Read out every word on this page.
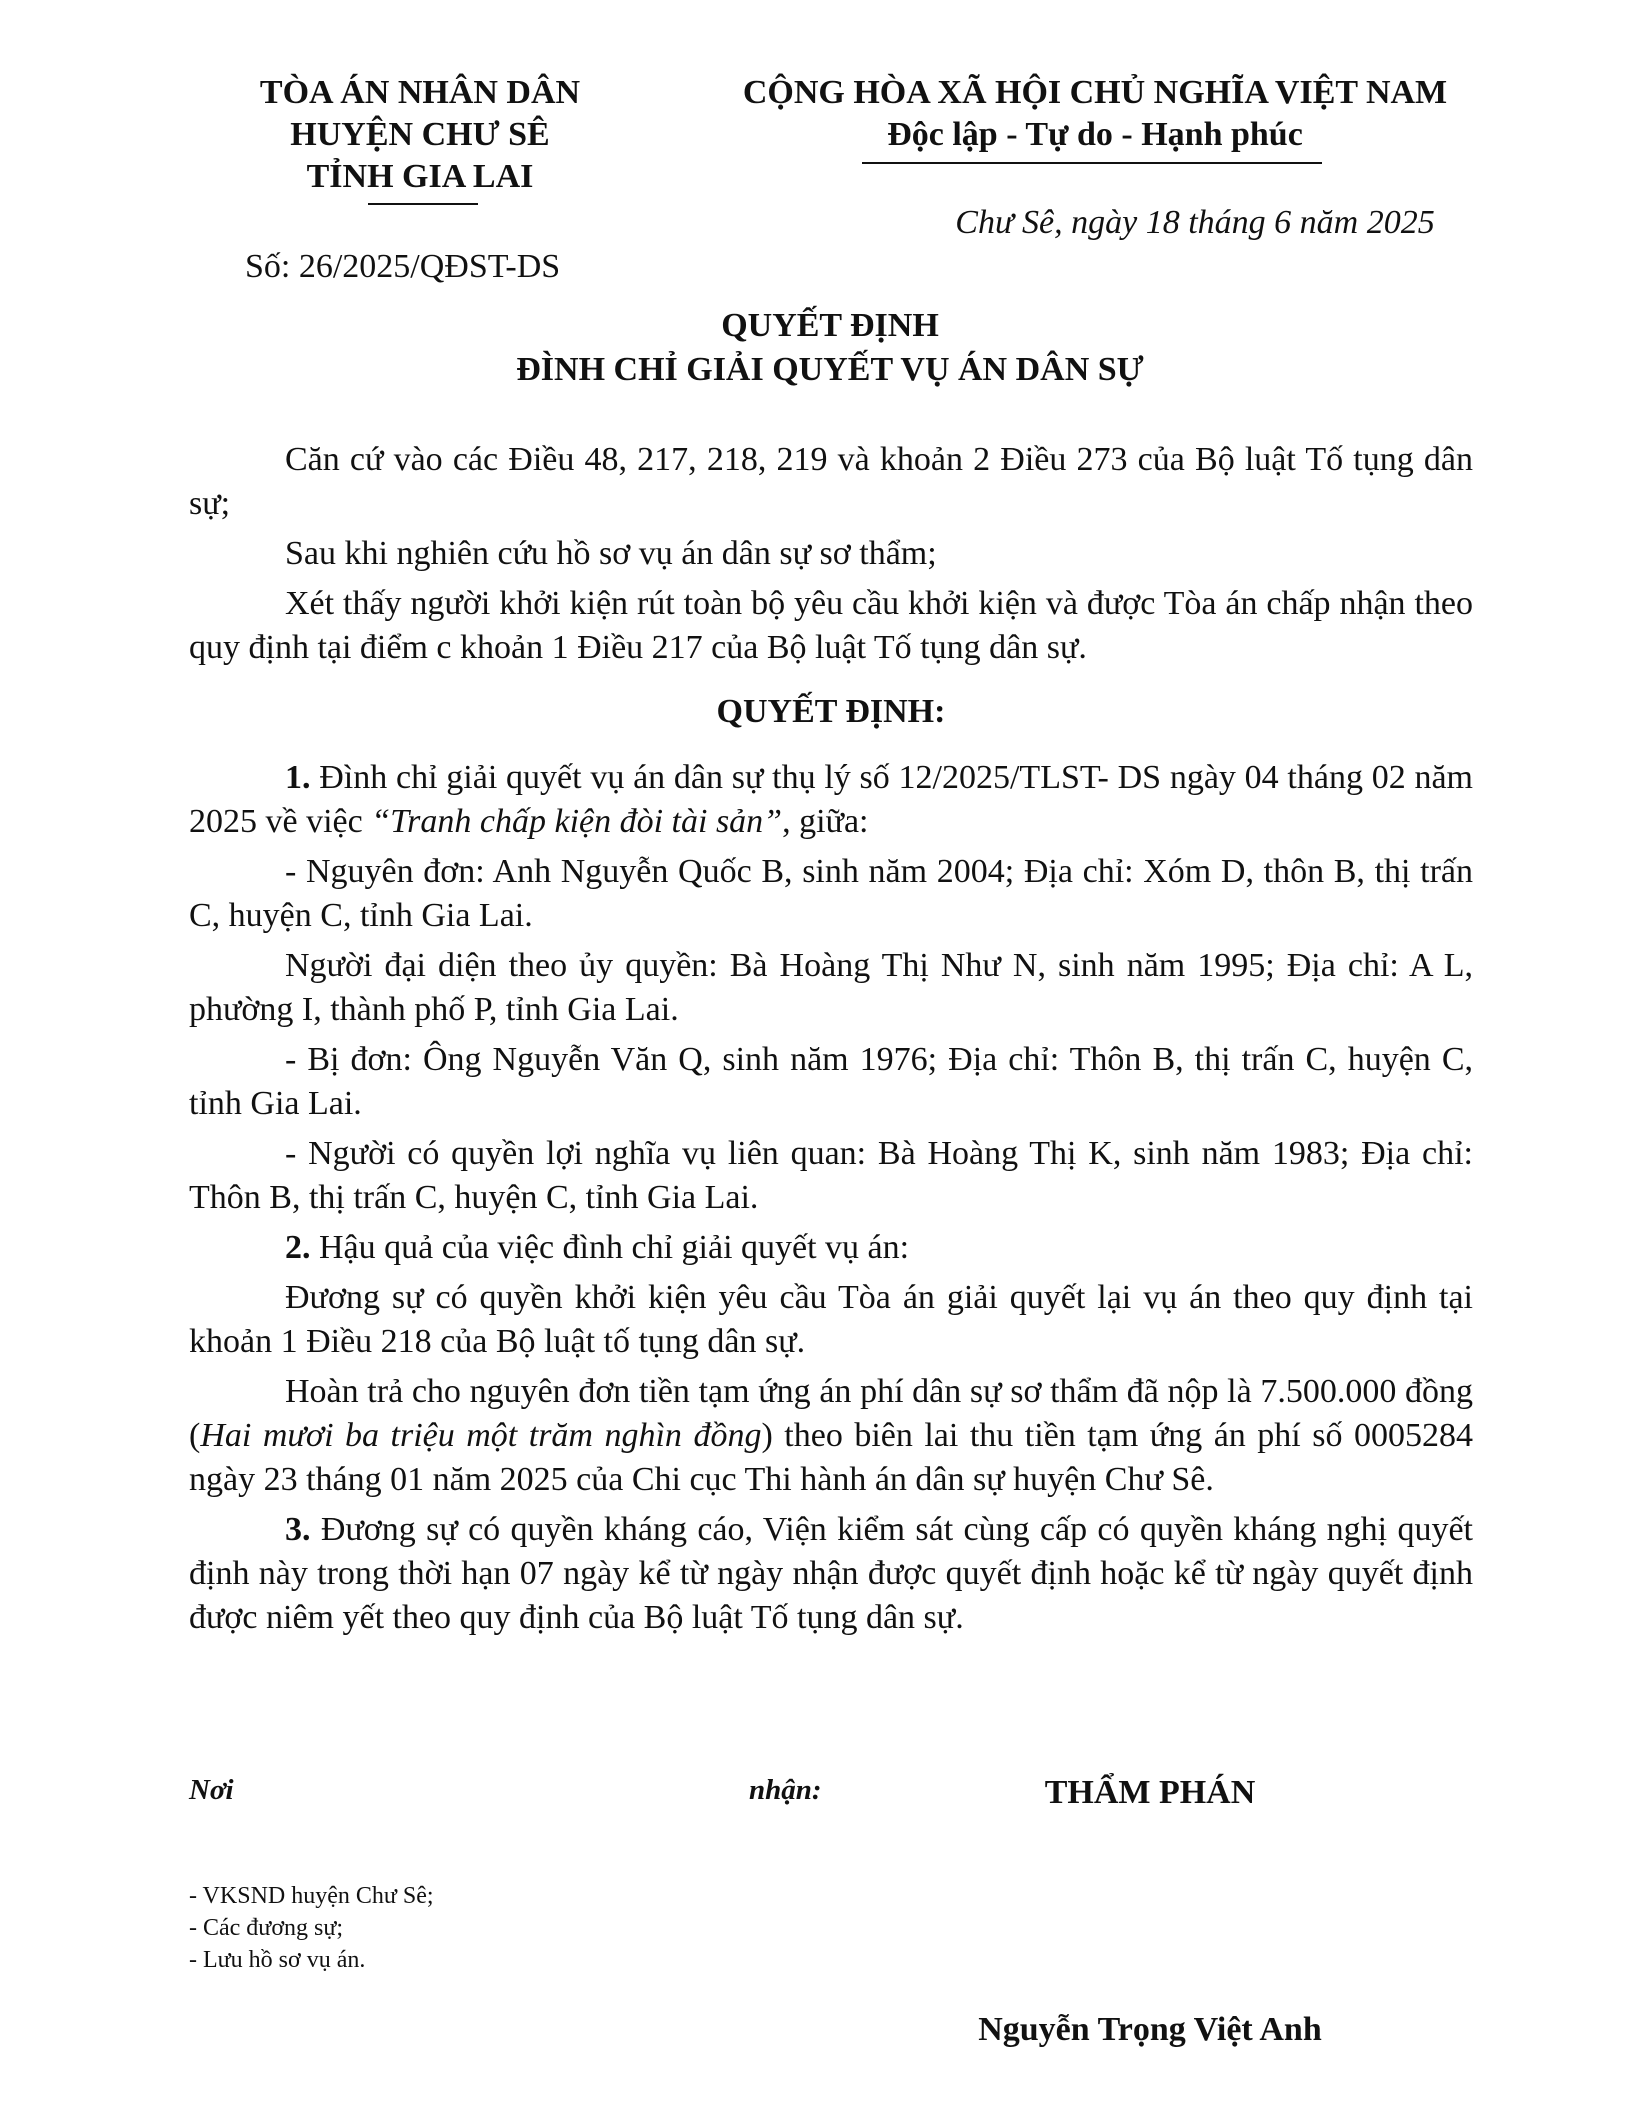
TÒA ÁN NHÂN DÂN
HUYỆN CHƯ SÊ
TỈNH GIA LAI
CỘNG HÒA XÃ HỘI CHỦ NGHĨA VIỆT NAM
Độc lập - Tự do - Hạnh phúc
Chư Sê, ngày 18 tháng 6 năm 2025
Số: 26/2025/QĐST-DS
QUYẾT ĐỊNH
ĐÌNH CHỈ GIẢI QUYẾT VỤ ÁN DÂN SỰ

Căn cứ vào các Điều 48, 217, 218, 219 và khoản 2 Điều 273 của Bộ luật Tố tụng dân sự;

Sau khi nghiên cứu hồ sơ vụ án dân sự sơ thẩm;

Xét thấy người khởi kiện rút toàn bộ yêu cầu khởi kiện và được Tòa án chấp nhận theo quy định tại điểm c khoản 1 Điều 217 của Bộ luật Tố tụng dân sự.

QUYẾT ĐỊNH:

1. Đình chỉ giải quyết vụ án dân sự thụ lý số 12/2025/TLST- DS ngày 04 tháng 02 năm 2025 về việc “Tranh chấp kiện đòi tài sản”, giữa:

- Nguyên đơn: Anh Nguyễn Quốc B, sinh năm 2004; Địa chỉ: Xóm D, thôn B, thị trấn C, huyện C, tỉnh Gia Lai.

Người đại diện theo ủy quyền: Bà Hoàng Thị Như N, sinh năm 1995; Địa chỉ: A L, phường I, thành phố P, tỉnh Gia Lai.

- Bị đơn: Ông Nguyễn Văn Q, sinh năm 1976; Địa chỉ: Thôn B, thị trấn C, huyện C, tỉnh Gia Lai.

- Người có quyền lợi nghĩa vụ liên quan: Bà Hoàng Thị K, sinh năm 1983; Địa chỉ: Thôn B, thị trấn C, huyện C, tỉnh Gia Lai.

2. Hậu quả của việc đình chỉ giải quyết vụ án:

Đương sự có quyền khởi kiện yêu cầu Tòa án giải quyết lại vụ án theo quy định tại khoản 1 Điều 218 của Bộ luật tố tụng dân sự.

Hoàn trả cho nguyên đơn tiền tạm ứng án phí dân sự sơ thẩm đã nộp là 7.500.000 đồng (Hai mươi ba triệu một trăm nghìn đồng) theo biên lai thu tiền tạm ứng án phí số 0005284 ngày 23 tháng 01 năm 2025 của Chi cục Thi hành án dân sự huyện Chư Sê.

3. Đương sự có quyền kháng cáo, Viện kiểm sát cùng cấp có quyền kháng nghị quyết định này trong thời hạn 07 ngày kể từ ngày nhận được quyết định hoặc kể từ ngày quyết định được niêm yết theo quy định của Bộ luật Tố tụng dân sự.

Nơi	nhận:	THẨM PHÁN
- VKSND huyện Chư Sê;
- Các đương sự;
- Lưu hồ sơ vụ án.
Nguyễn Trọng Việt Anh
